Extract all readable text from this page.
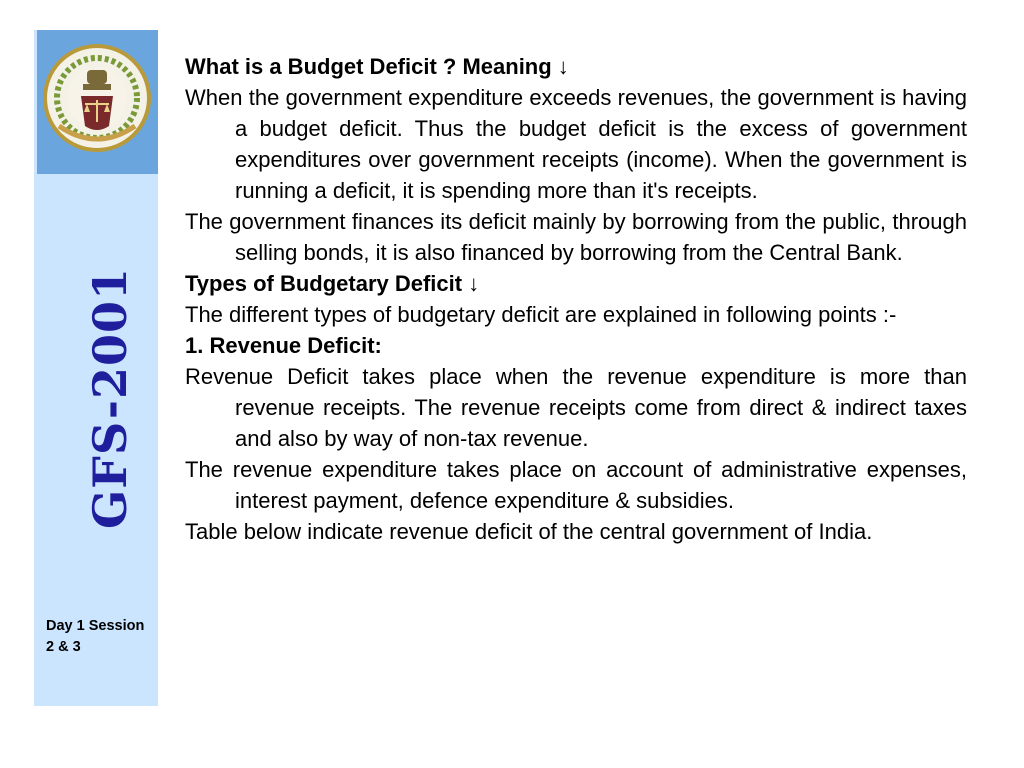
GFS-2001
Day 1 Session 2 & 3

What is a Budget Deficit ? Meaning ↓

When the government expenditure exceeds revenues, the government is having a budget deficit. Thus the budget deficit is the excess of government expenditures over government receipts (income). When the government is running a deficit, it is spending more than it's receipts.

The government finances its deficit mainly by borrowing from the public, through selling bonds, it is also financed by borrowing from the Central Bank.

Types of Budgetary Deficit ↓

The different types of budgetary deficit are explained in following points :-

1. Revenue Deficit:

Revenue Deficit takes place when the revenue expenditure is more than revenue receipts. The revenue receipts come from direct & indirect taxes and also by way of non-tax revenue.

The revenue expenditure takes place on account of administrative expenses, interest payment, defence expenditure & subsidies.

Table below indicate revenue deficit of the central government of India.
